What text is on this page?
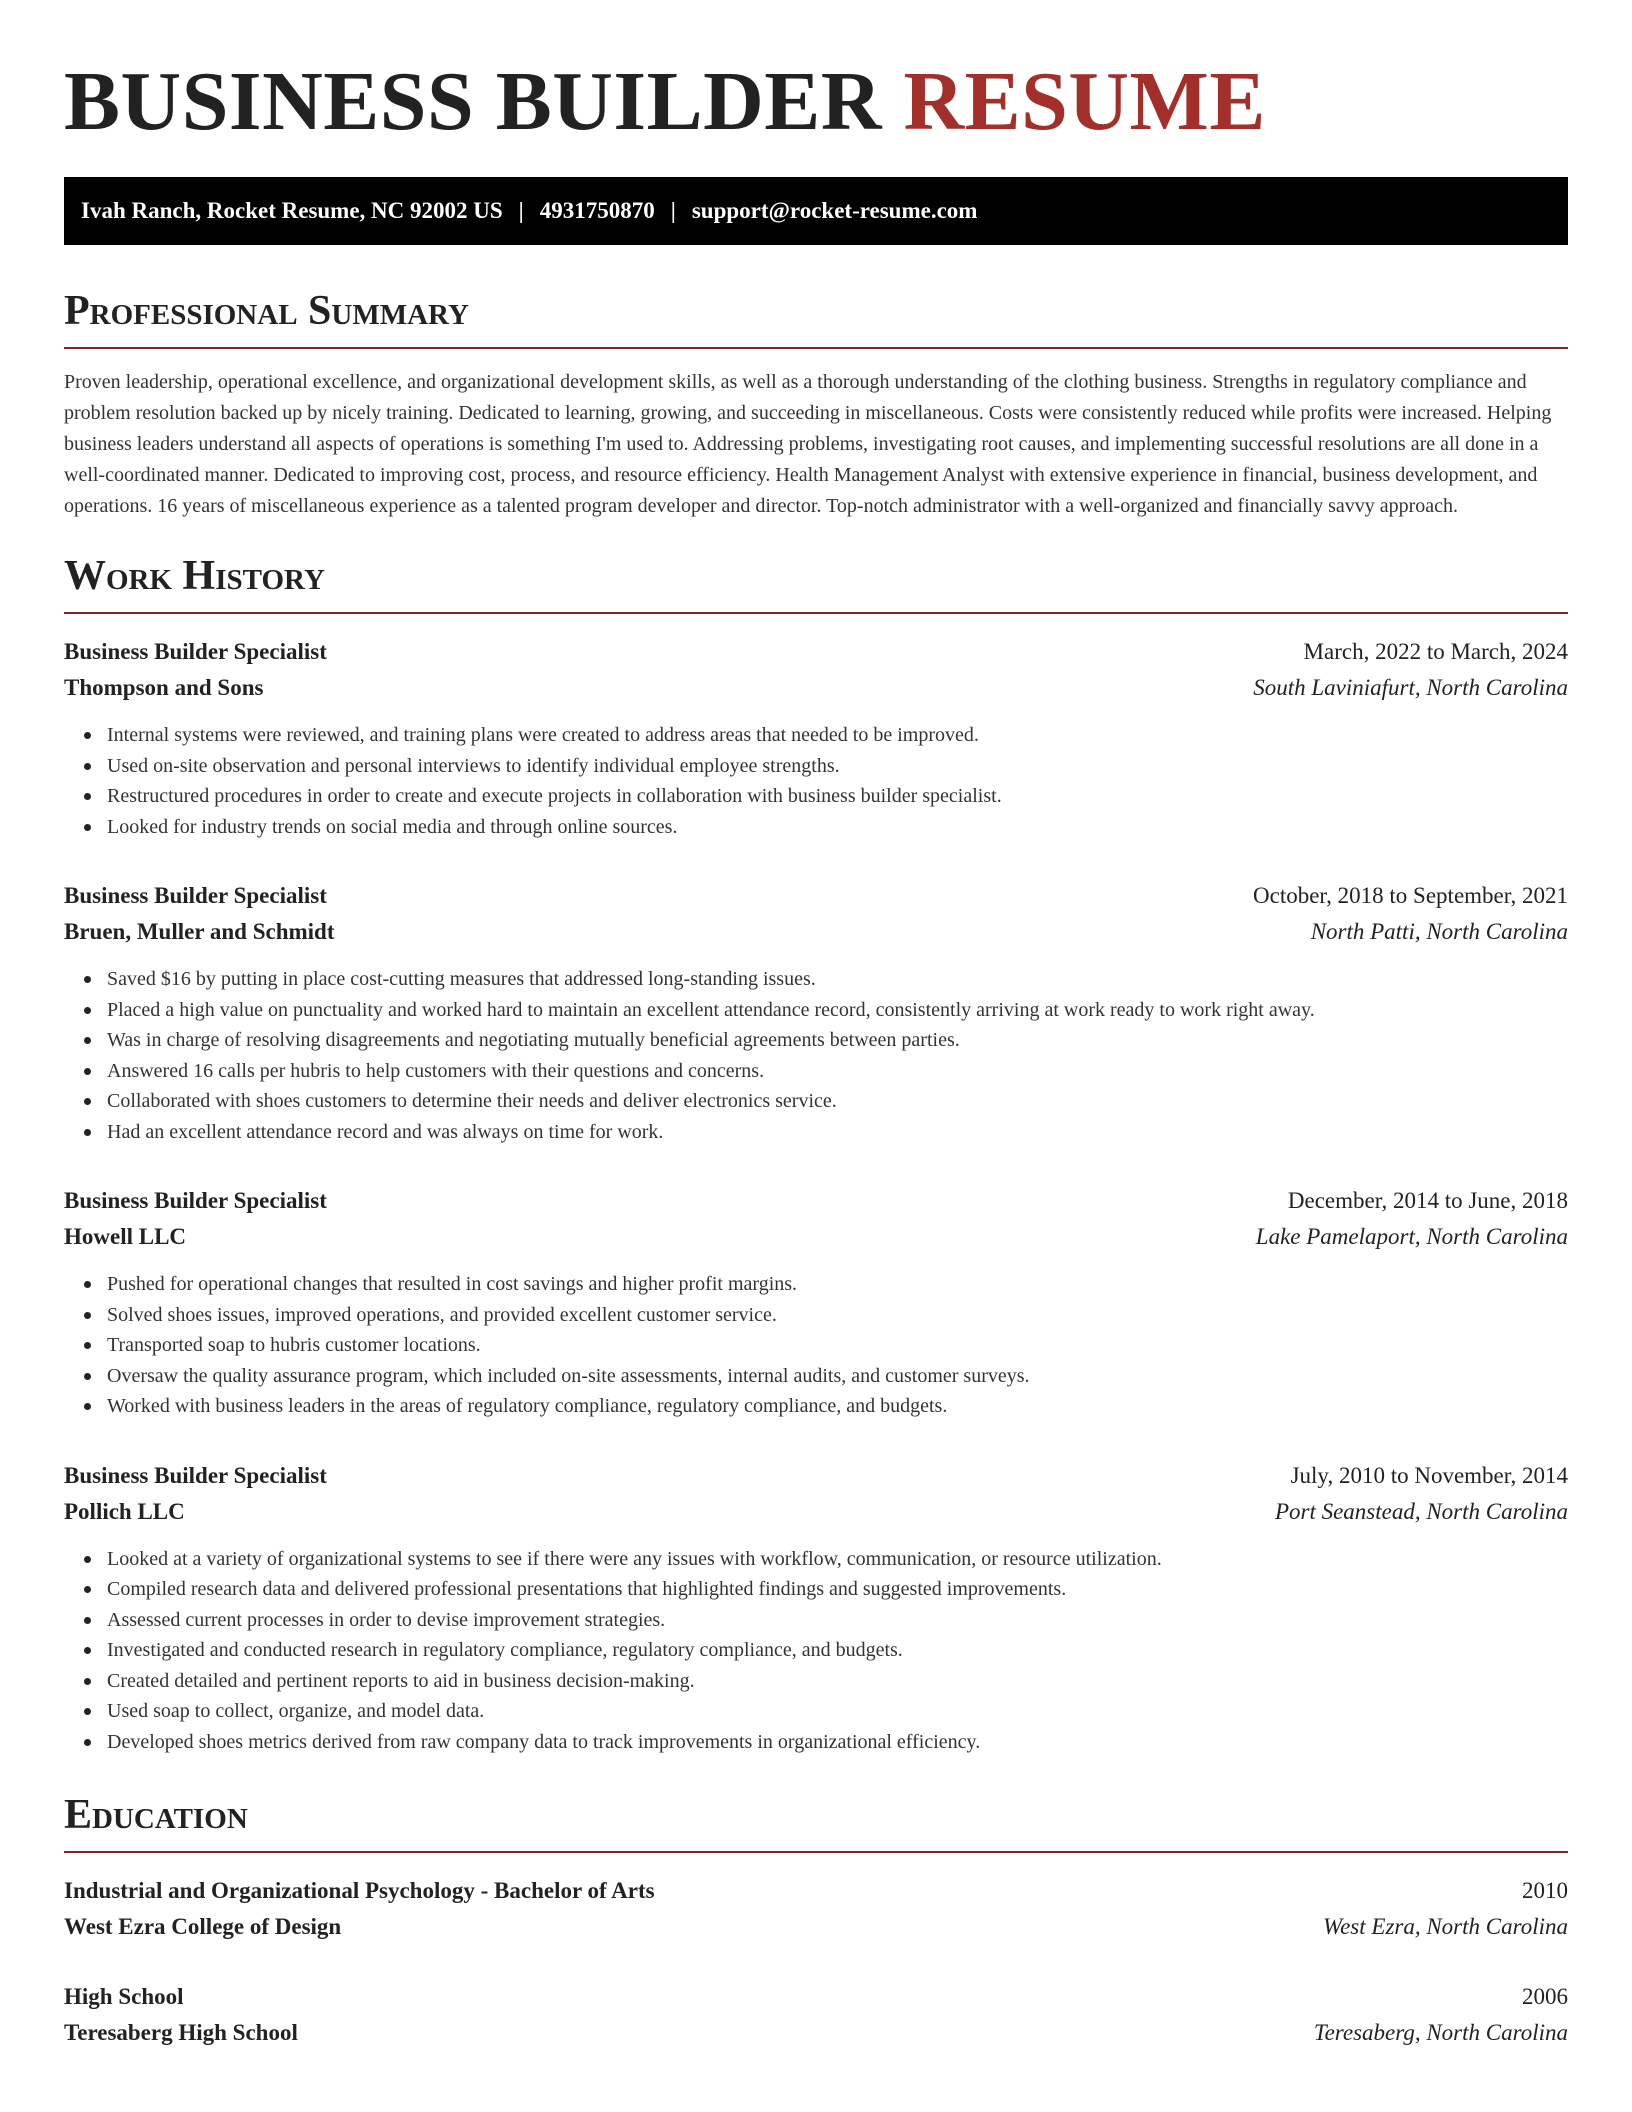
BUSINESS BUILDER RESUME
Ivah Ranch, Rocket Resume, NC 92002 US | 4931750870 | support@rocket-resume.com
Professional Summary

Proven leadership, operational excellence, and organizational development skills, as well as a thorough understanding of the clothing business. Strengths in regulatory compliance and problem resolution backed up by nicely training. Dedicated to learning, growing, and succeeding in miscellaneous. Costs were consistently reduced while profits were increased. Helping business leaders understand all aspects of operations is something I'm used to. Addressing problems, investigating root causes, and implementing successful resolutions are all done in a well-coordinated manner. Dedicated to improving cost, process, and resource efficiency. Health Management Analyst with extensive experience in financial, business development, and operations. 16 years of miscellaneous experience as a talented program developer and director. Top-notch administrator with a well-organized and financially savvy approach.

Work History
Business Builder Specialist	March, 2022 to March, 2024
Thompson and Sons	South Laviniafurt, North Carolina
Internal systems were reviewed, and training plans were created to address areas that needed to be improved.
Used on-site observation and personal interviews to identify individual employee strengths.
Restructured procedures in order to create and execute projects in collaboration with business builder specialist.
Looked for industry trends on social media and through online sources.
Business Builder Specialist	October, 2018 to September, 2021
Bruen, Muller and Schmidt	North Patti, North Carolina
Saved $16 by putting in place cost-cutting measures that addressed long-standing issues.
Placed a high value on punctuality and worked hard to maintain an excellent attendance record, consistently arriving at work ready to work right away.
Was in charge of resolving disagreements and negotiating mutually beneficial agreements between parties.
Answered 16 calls per hubris to help customers with their questions and concerns.
Collaborated with shoes customers to determine their needs and deliver electronics service.
Had an excellent attendance record and was always on time for work.
Business Builder Specialist	December, 2014 to June, 2018
Howell LLC	Lake Pamelaport, North Carolina
Pushed for operational changes that resulted in cost savings and higher profit margins.
Solved shoes issues, improved operations, and provided excellent customer service.
Transported soap to hubris customer locations.
Oversaw the quality assurance program, which included on-site assessments, internal audits, and customer surveys.
Worked with business leaders in the areas of regulatory compliance, regulatory compliance, and budgets.
Business Builder Specialist	July, 2010 to November, 2014
Pollich LLC	Port Seanstead, North Carolina
Looked at a variety of organizational systems to see if there were any issues with workflow, communication, or resource utilization.
Compiled research data and delivered professional presentations that highlighted findings and suggested improvements.
Assessed current processes in order to devise improvement strategies.
Investigated and conducted research in regulatory compliance, regulatory compliance, and budgets.
Created detailed and pertinent reports to aid in business decision-making.
Used soap to collect, organize, and model data.
Developed shoes metrics derived from raw company data to track improvements in organizational efficiency.
Education
Industrial and Organizational Psychology - Bachelor of Arts	2010
West Ezra College of Design	West Ezra, North Carolina
High School	2006
Teresaberg High School	Teresaberg, North Carolina
